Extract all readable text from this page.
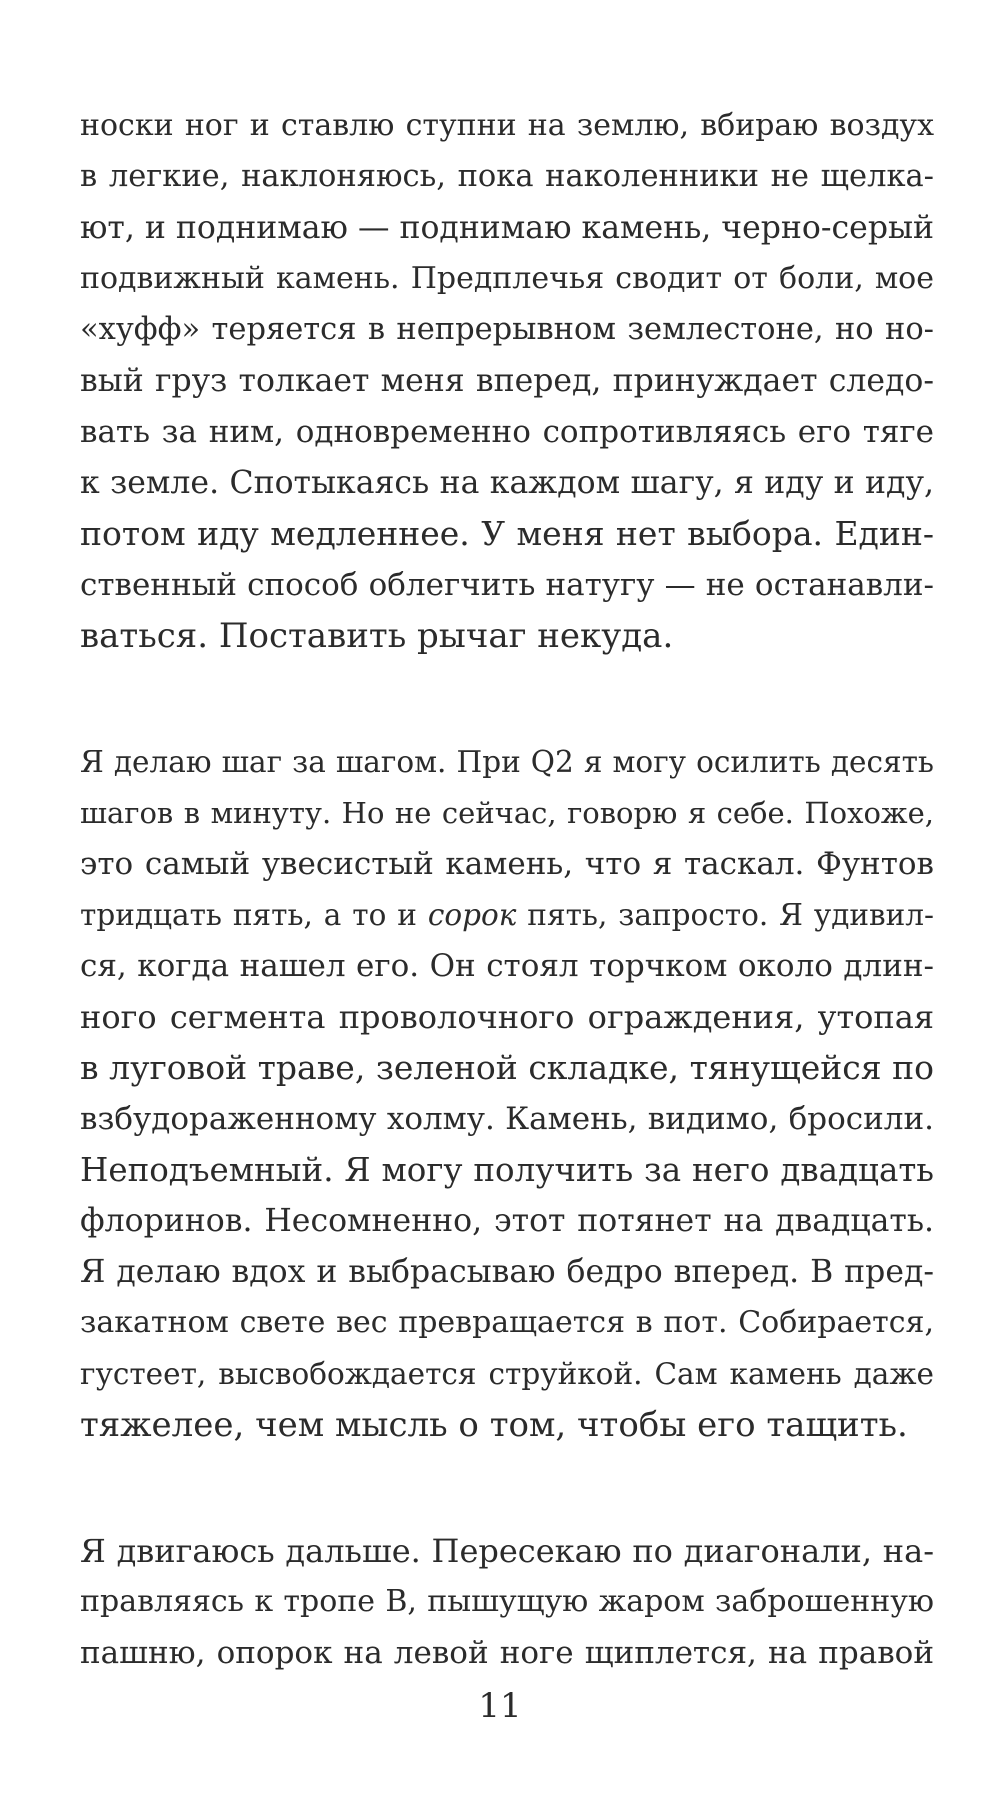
носки ног и ставлю ступни на землю, вбираю воздух
в легкие, наклоняюсь, пока наколенники не щелка-
ют, и поднимаю — поднимаю камень, черно-серый
подвижный камень. Предплечья сводит от боли, мое
«хуфф» теряется в непрерывном землестоне, но но-
вый груз толкает меня вперед, принуждает следо-
вать за ним, одновременно сопротивляясь его тяге
к земле. Спотыкаясь на каждом шагу, я иду и иду,
потом иду медленнее. У меня нет выбора. Един-
ственный способ облегчить натугу — не останавли-
ваться. Поставить рычаг некуда.
Я делаю шаг за шагом. При Q2 я могу осилить десять
шагов в минуту. Но не сейчас, говорю я себе. Похоже,
это самый увесистый камень, что я таскал. Фунтов
тридцать пять, а то и сорок пять, запросто. Я удивил-
ся, когда нашел его. Он стоял торчком около длин-
ного сегмента проволочного ограждения, утопая
в луговой траве, зеленой складке, тянущейся по
взбудораженному холму. Камень, видимо, бросили.
Неподъемный. Я могу получить за него двадцать
флоринов. Несомненно, этот потянет на двадцать.
Я делаю вдох и выбрасываю бедро вперед. В пред-
закатном свете вес превращается в пот. Собирается,
густеет, высвобождается струйкой. Сам камень даже
тяжелее, чем мысль о том, чтобы его тащить.
Я двигаюсь дальше. Пересекаю по диагонали, на-
правляясь к тропе B, пышущую жаром заброшенную
пашню, опорок на левой ноге щиплется, на правой
11
